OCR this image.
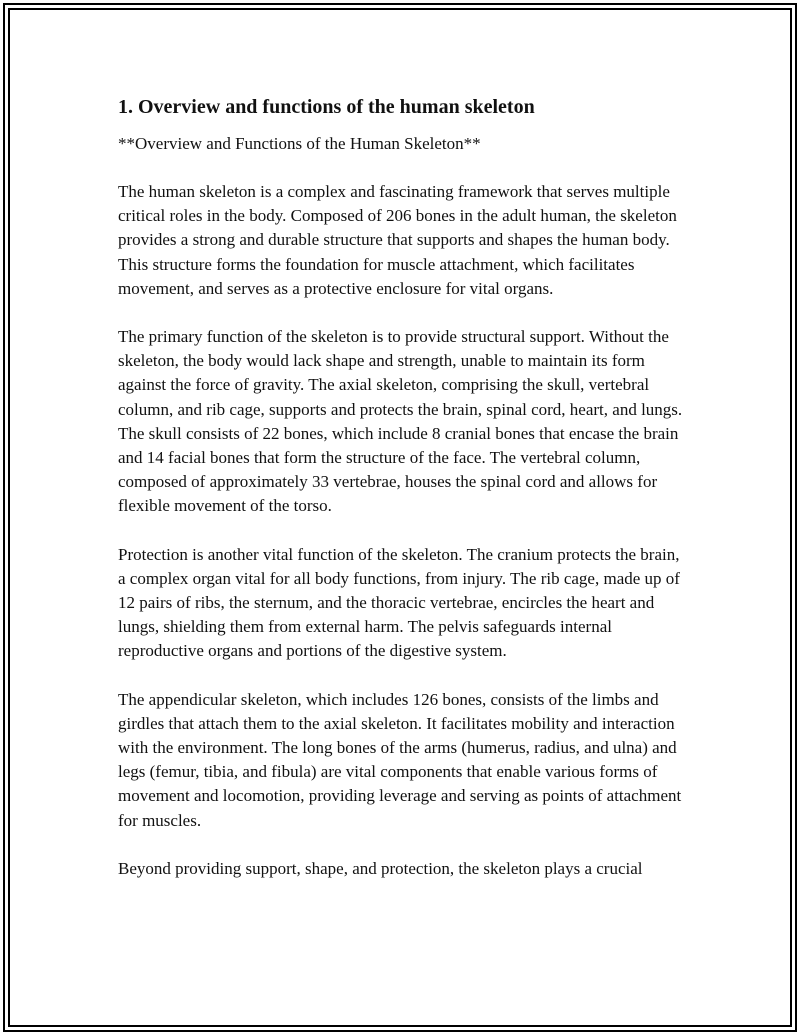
1. Overview and functions of the human skeleton

**Overview and Functions of the Human Skeleton**

The human skeleton is a complex and fascinating framework that serves multiple critical roles in the body. Composed of 206 bones in the adult human, the skeleton provides a strong and durable structure that supports and shapes the human body. This structure forms the foundation for muscle attachment, which facilitates movement, and serves as a protective enclosure for vital organs.

The primary function of the skeleton is to provide structural support. Without the skeleton, the body would lack shape and strength, unable to maintain its form against the force of gravity. The axial skeleton, comprising the skull, vertebral column, and rib cage, supports and protects the brain, spinal cord, heart, and lungs. The skull consists of 22 bones, which include 8 cranial bones that encase the brain and 14 facial bones that form the structure of the face. The vertebral column, composed of approximately 33 vertebrae, houses the spinal cord and allows for flexible movement of the torso.

Protection is another vital function of the skeleton. The cranium protects the brain, a complex organ vital for all body functions, from injury. The rib cage, made up of 12 pairs of ribs, the sternum, and the thoracic vertebrae, encircles the heart and lungs, shielding them from external harm. The pelvis safeguards internal reproductive organs and portions of the digestive system.

The appendicular skeleton, which includes 126 bones, consists of the limbs and girdles that attach them to the axial skeleton. It facilitates mobility and interaction with the environment. The long bones of the arms (humerus, radius, and ulna) and legs (femur, tibia, and fibula) are vital components that enable various forms of movement and locomotion, providing leverage and serving as points of attachment for muscles.

Beyond providing support, shape, and protection, the skeleton plays a crucial
